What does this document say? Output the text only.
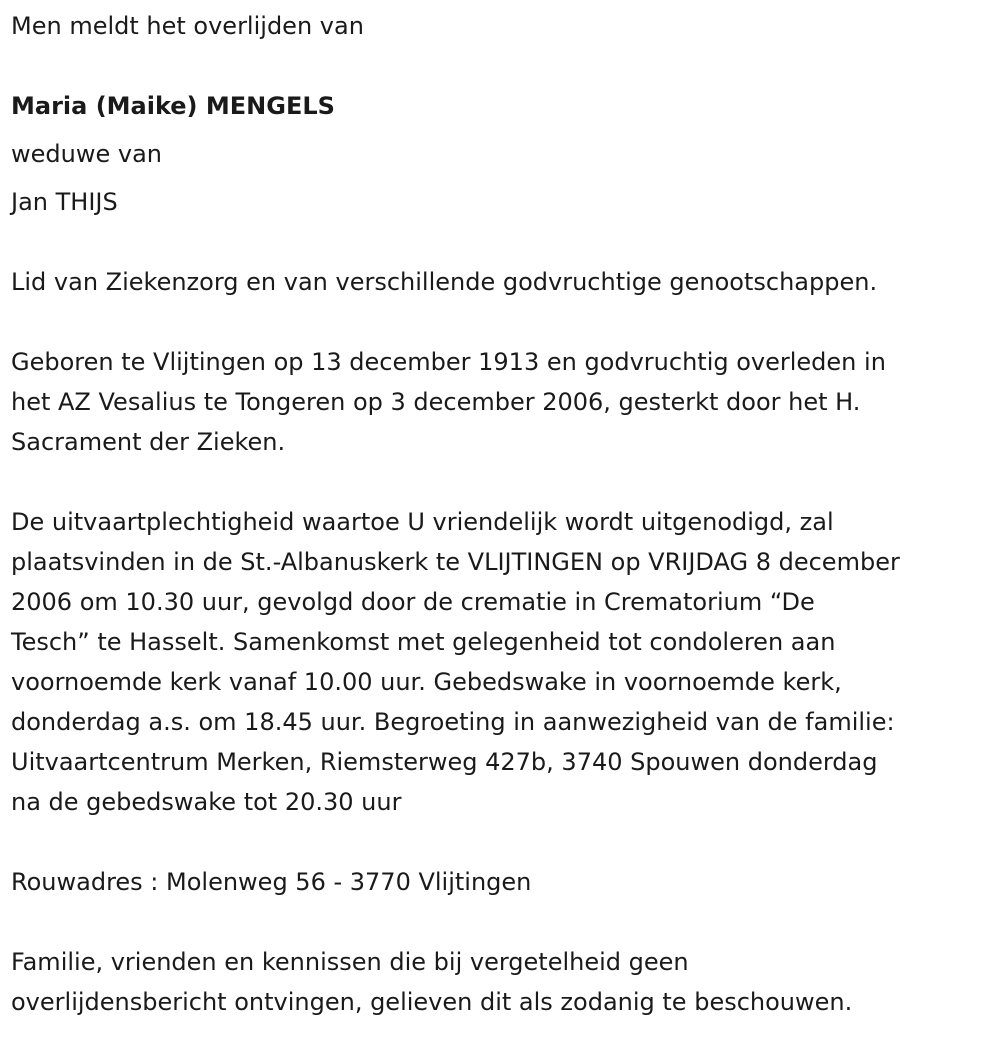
Men meldt het overlijden van

Maria (Maike) MENGELS

weduwe van

Jan THIJS

Lid van Ziekenzorg en van verschillende godvruchtige genootschappen.

Geboren te Vlijtingen op 13 december 1913 en godvruchtig overleden in

het AZ Vesalius te Tongeren op 3 december 2006, gesterkt door het H.

Sacrament der Zieken.

De uitvaartplechtigheid waartoe U vriendelijk wordt uitgenodigd, zal

plaatsvinden in de St.-Albanuskerk te VLIJTINGEN op VRIJDAG 8 december

2006 om 10.30 uur, gevolgd door de crematie in Crematorium “De

Tesch” te Hasselt. Samenkomst met gelegenheid tot condoleren aan

voornoemde kerk vanaf 10.00 uur. Gebedswake in voornoemde kerk,

donderdag a.s. om 18.45 uur. Begroeting in aanwezigheid van de familie:

Uitvaartcentrum Merken, Riemsterweg 427b, 3740 Spouwen donderdag

na de gebedswake tot 20.30 uur

Rouwadres : Molenweg 56 - 3770 Vlijtingen

Familie, vrienden en kennissen die bij vergetelheid geen

overlijdensbericht ontvingen, gelieven dit als zodanig te beschouwen.
